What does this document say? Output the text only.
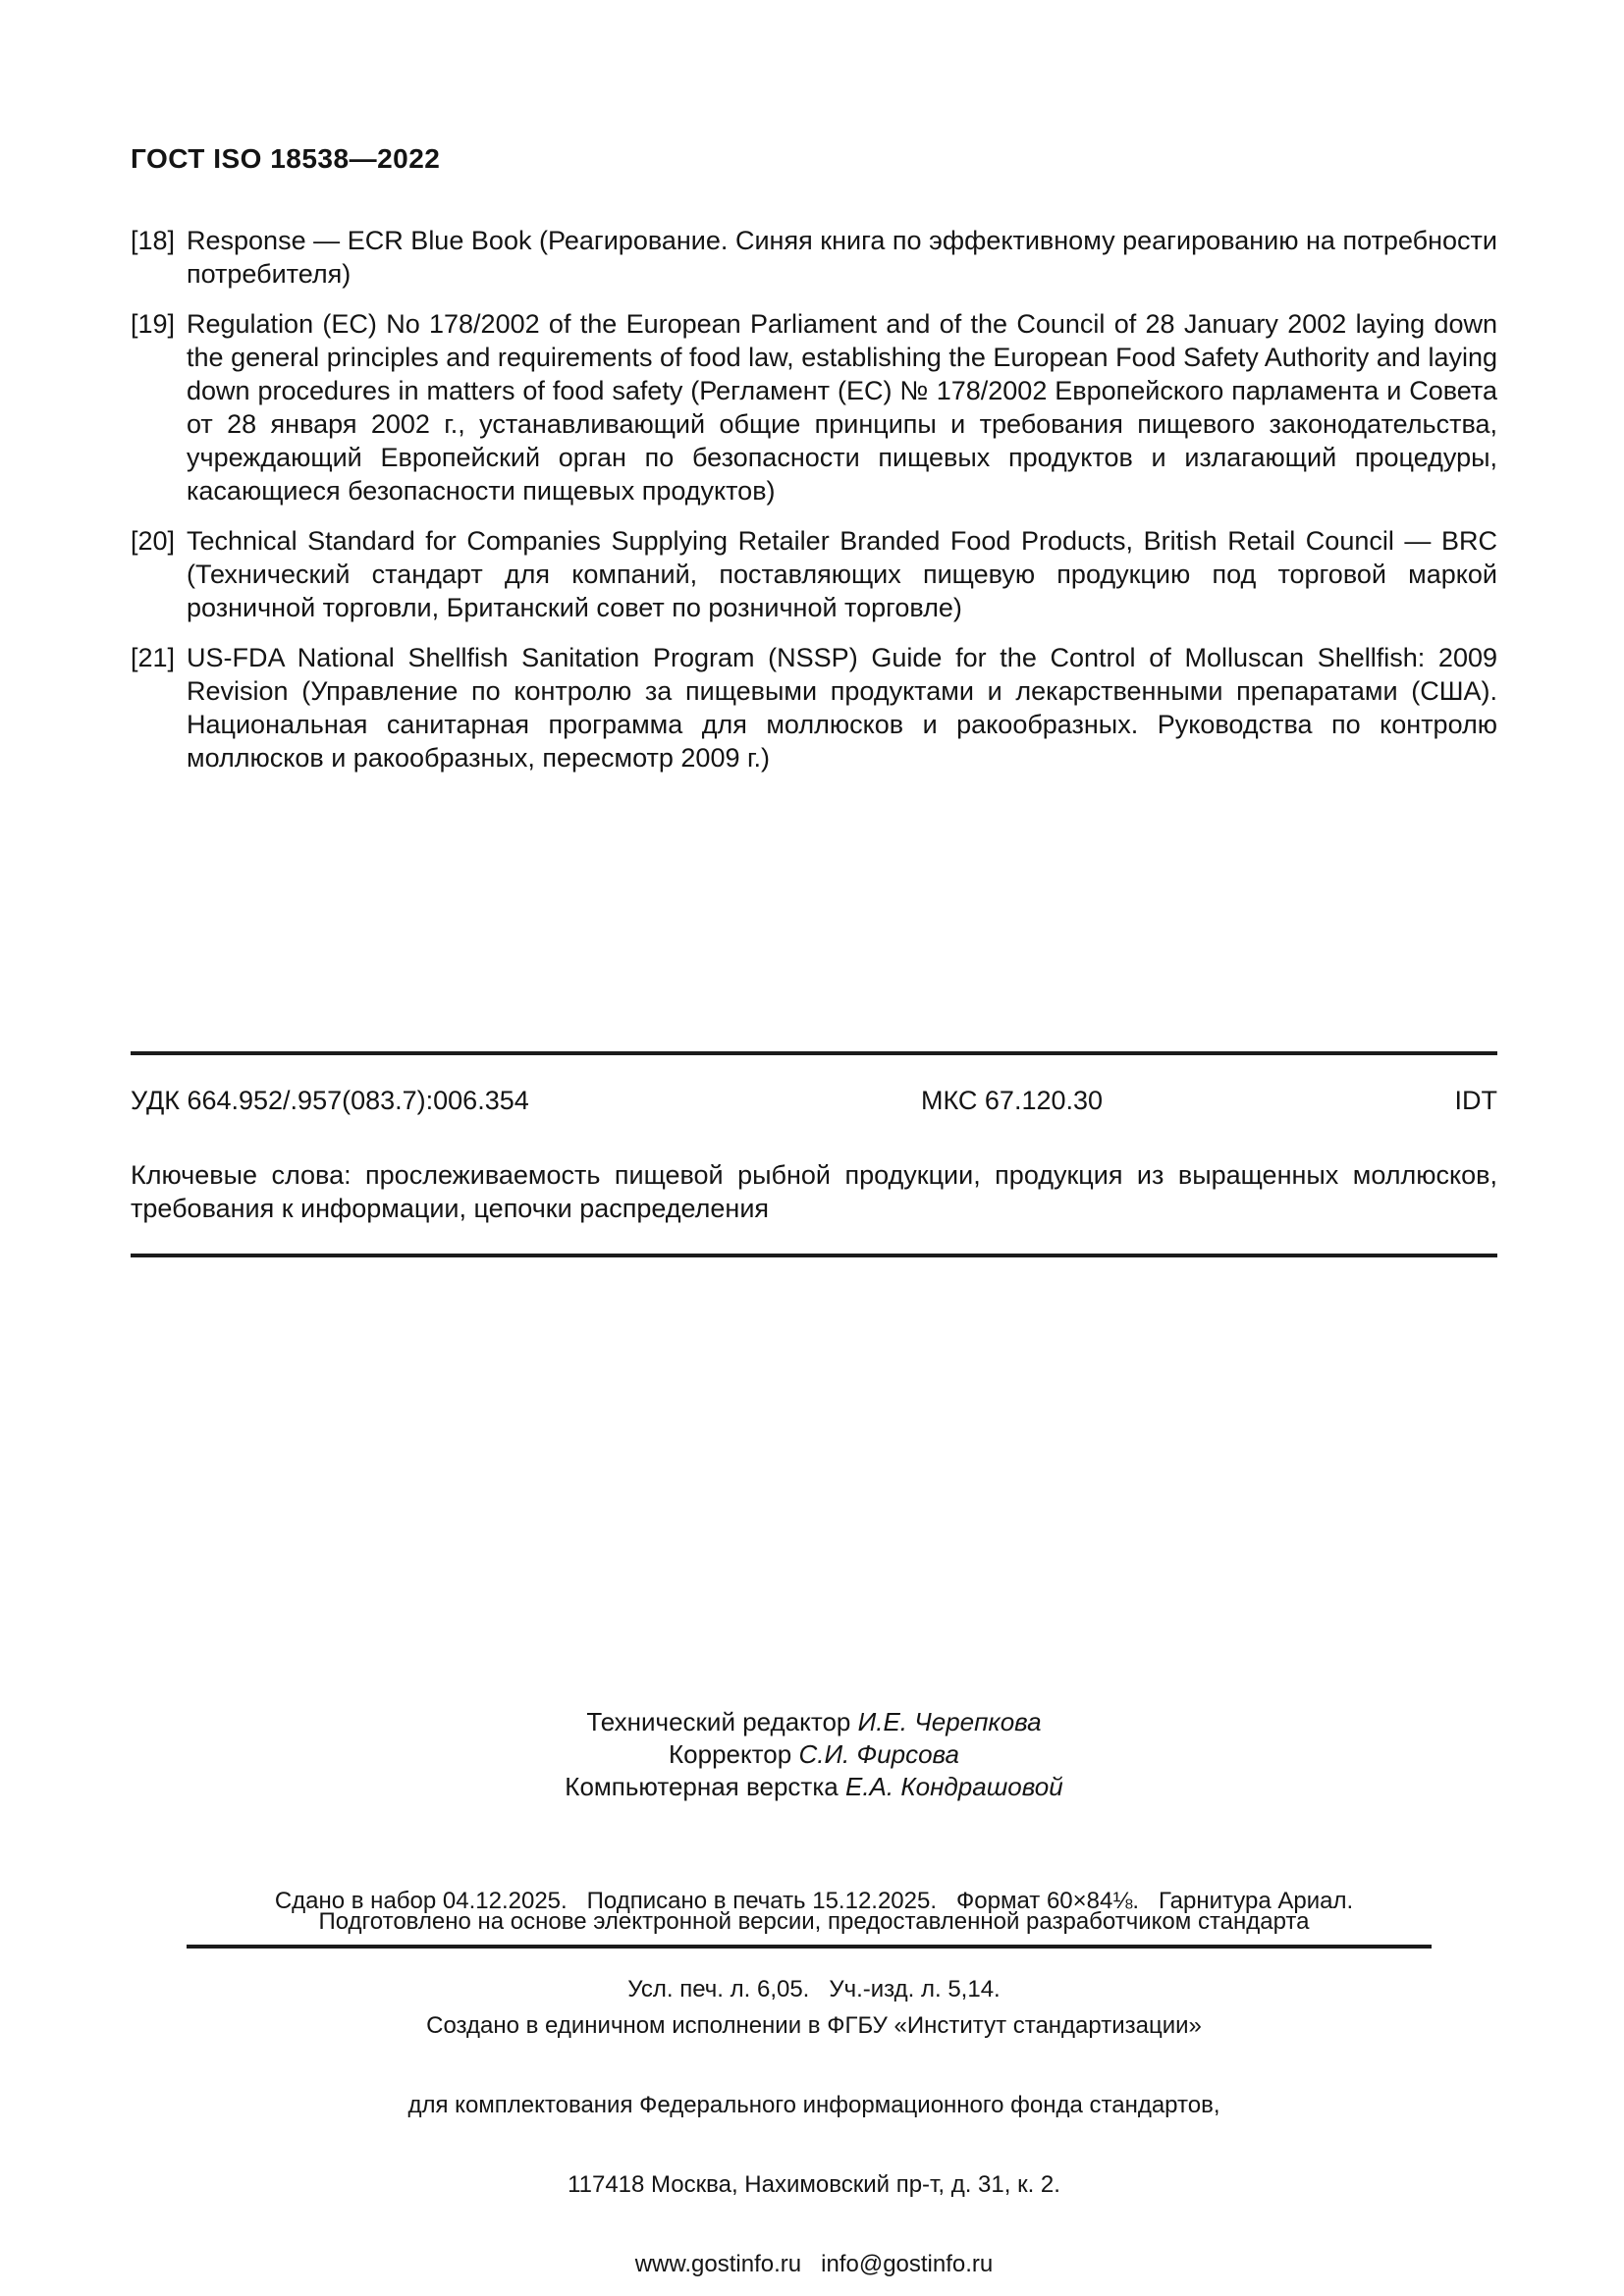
ГОСТ ISO 18538—2022
[18] Response — ECR Blue Book (Реагирование. Синяя книга по эффективному реагированию на потребности потребителя)
[19] Regulation (EC) No 178/2002 of the European Parliament and of the Council of 28 January 2002 laying down the general principles and requirements of food law, establishing the European Food Safety Authority and laying down procedures in matters of food safety (Регламент (ЕС) № 178/2002 Европейского парламента и Совета от 28 января 2002 г., устанавливающий общие принципы и требования пищевого законодательства, учреждающий Европейский орган по безопасности пищевых продуктов и излагающий процедуры, касающиеся безопасности пищевых продуктов)
[20] Technical Standard for Companies Supplying Retailer Branded Food Products, British Retail Council — BRC (Технический стандарт для компаний, поставляющих пищевую продукцию под торговой маркой розничной торговли, Британский совет по розничной торговле)
[21] US-FDA National Shellfish Sanitation Program (NSSP) Guide for the Control of Molluscan Shellfish: 2009 Revision (Управление по контролю за пищевыми продуктами и лекарственными препаратами (США). Национальная санитарная программа для моллюсков и ракообразных. Руководства по контролю моллюсков и ракообразных, пересмотр 2009 г.)
УДК 664.952/.957(083.7):006.354	МКС 67.120.30	IDT
Ключевые слова: прослеживаемость пищевой рыбной продукции, продукция из выращенных моллюсков, требования к информации, цепочки распределения
Технический редактор И.Е. Черепкова
Корректор С.И. Фирсова
Компьютерная верстка Е.А. Кондрашовой

Сдано в набор 04.12.2025.   Подписано в печать 15.12.2025.   Формат 60×84⅛.   Гарнитура Ариал.

Усл. печ. л. 6,05.   Уч.-изд. л. 5,14.

Подготовлено на основе электронной версии, предоставленной разработчиком стандарта

Создано в единичном исполнении в ФГБУ «Институт стандартизации»

для комплектования Федерального информационного фонда стандартов,

117418 Москва, Нахимовский пр-т, д. 31, к. 2.

www.gostinfo.ru   info@gostinfo.ru
